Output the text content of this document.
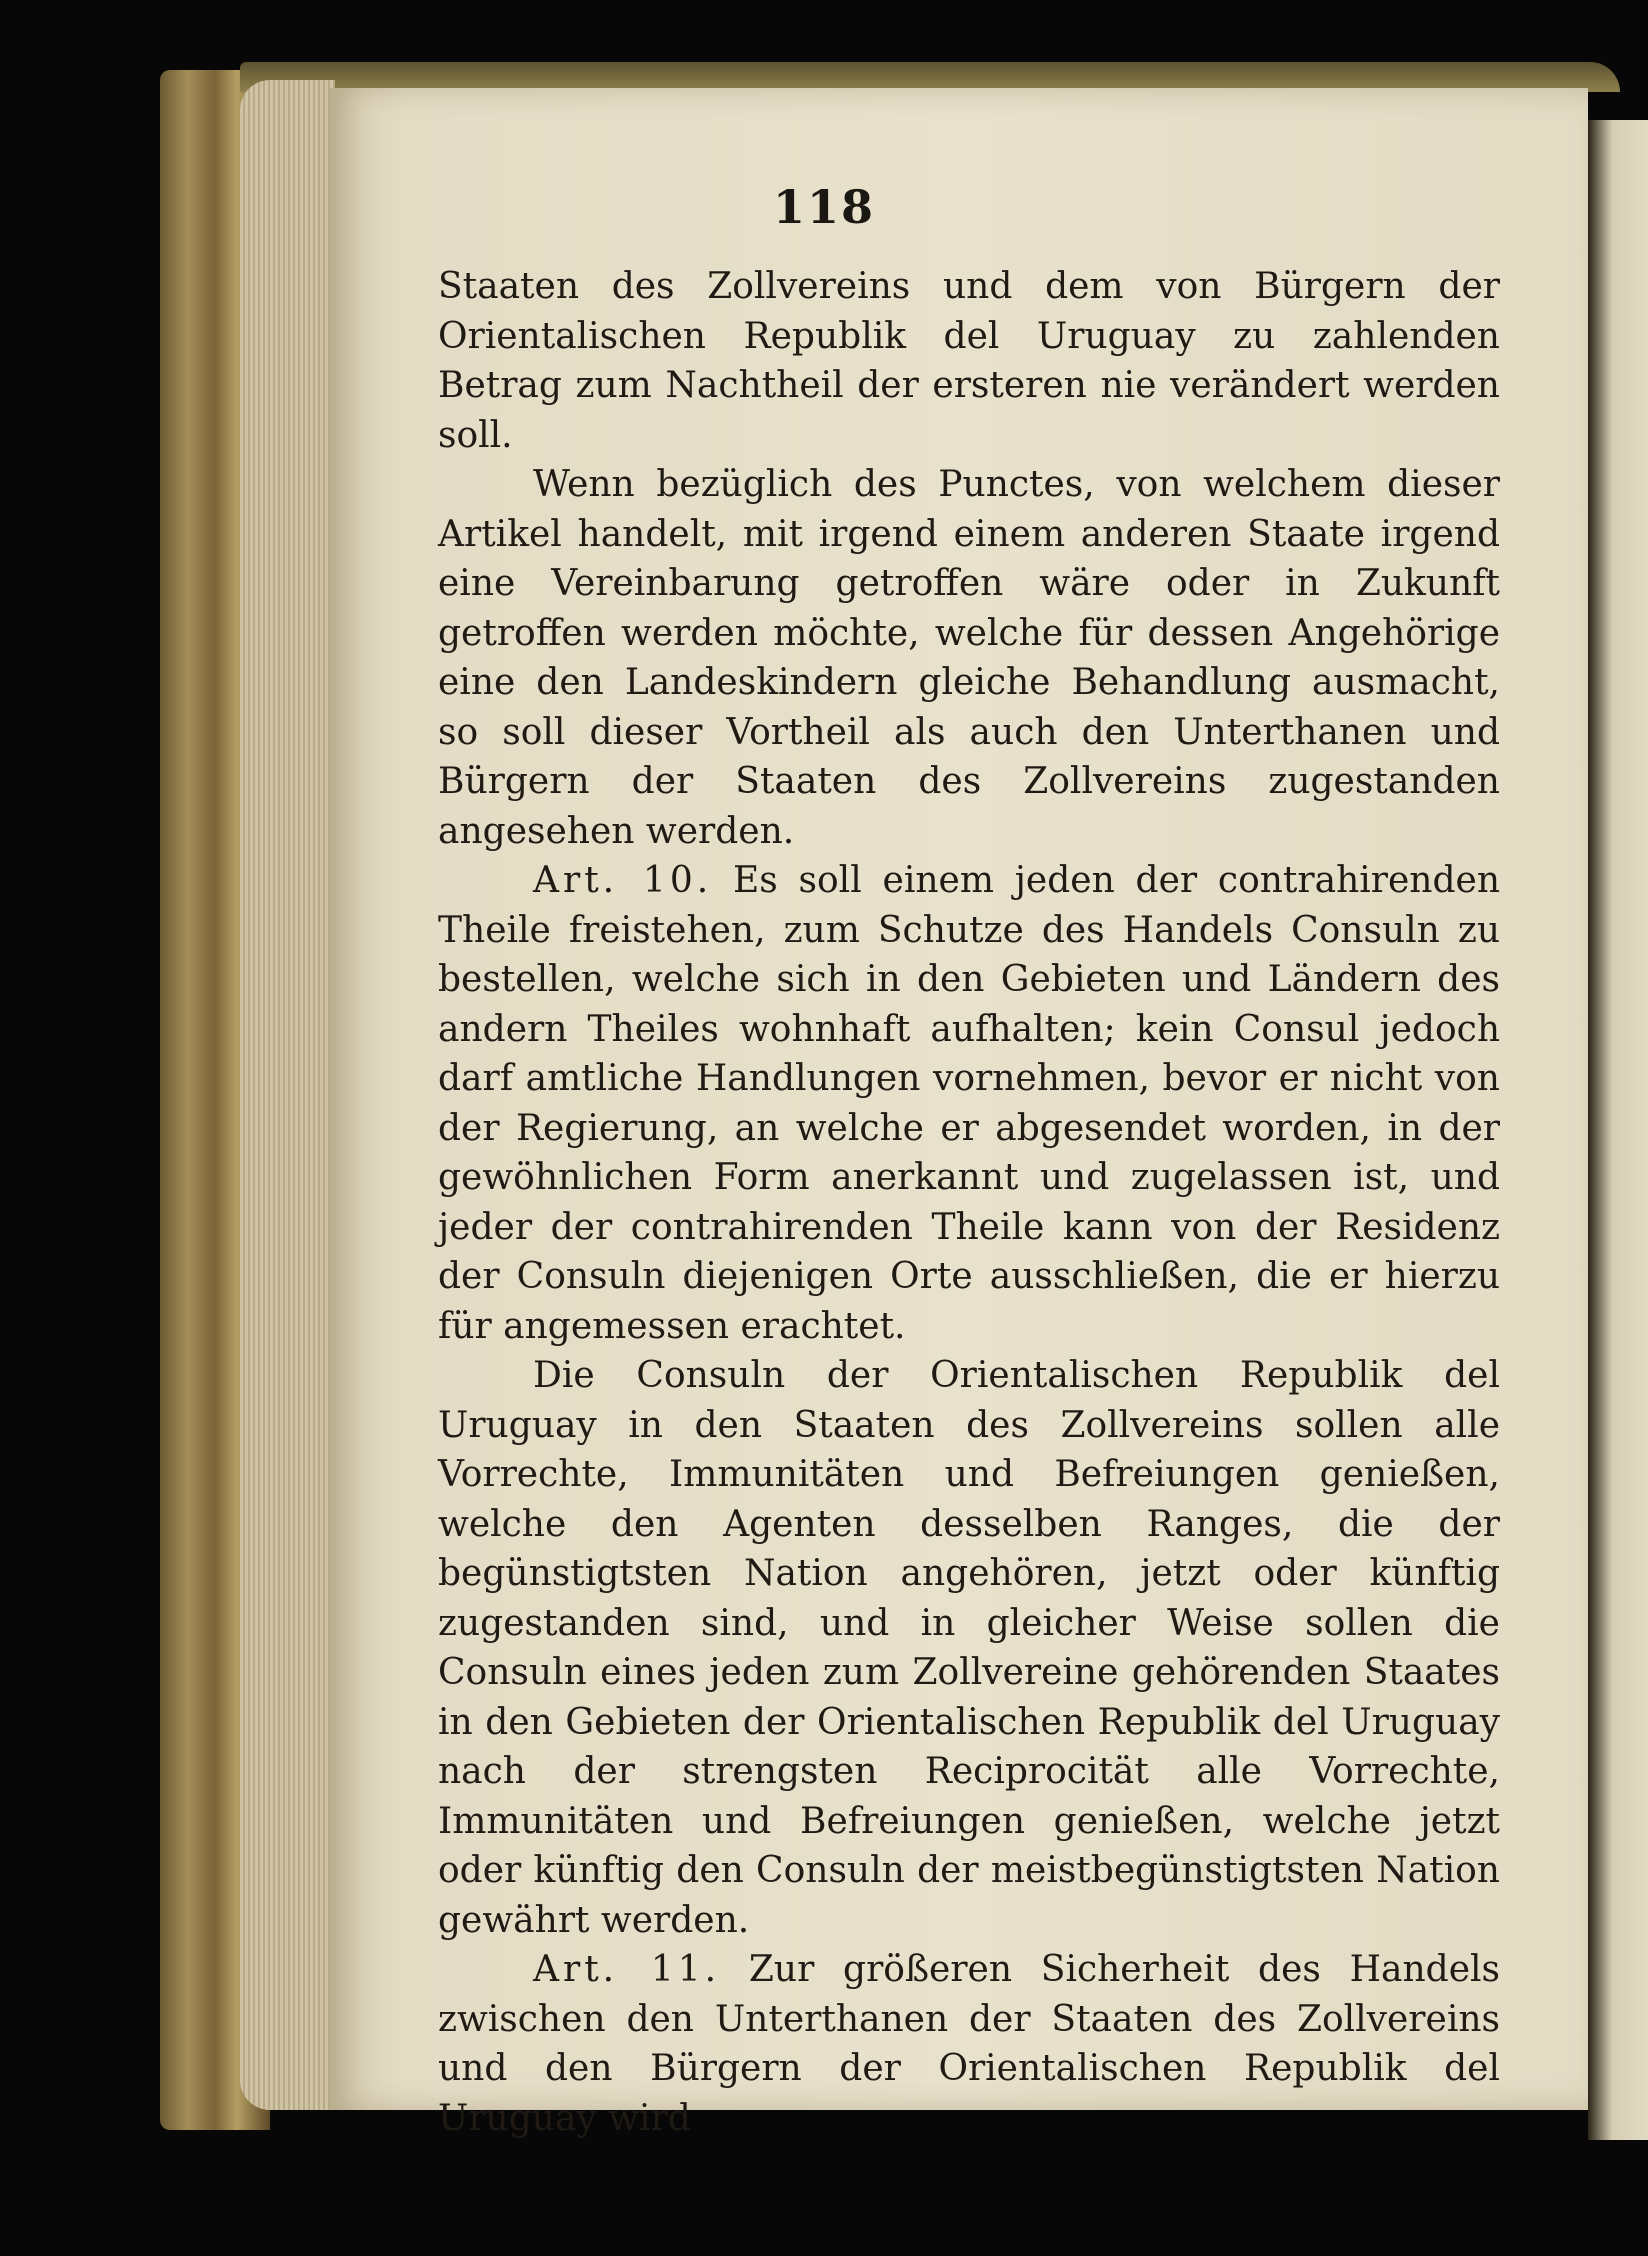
118

Staaten des Zollvereins und dem von Bürgern der Orientalischen Republik del Uruguay zu zahlenden Betrag zum Nachtheil der ersteren nie verändert werden soll.

Wenn bezüglich des Punctes, von welchem dieser Artikel handelt, mit irgend einem anderen Staate irgend eine Vereinbarung getroffen wäre oder in Zukunft getroffen werden möchte, welche für dessen Angehörige eine den Landeskindern gleiche Behandlung ausmacht, so soll dieser Vortheil als auch den Unterthanen und Bürgern der Staaten des Zollvereins zugestanden angesehen werden.

Art. 10. Es soll einem jeden der contrahirenden Theile freistehen, zum Schutze des Handels Consuln zu bestellen, welche sich in den Gebieten und Ländern des andern Theiles wohnhaft aufhalten; kein Consul jedoch darf amtliche Handlungen vornehmen, bevor er nicht von der Regierung, an welche er abgesendet worden, in der gewöhnlichen Form anerkannt und zugelassen ist, und jeder der contrahirenden Theile kann von der Residenz der Consuln diejenigen Orte ausschließen, die er hierzu für angemessen erachtet.

Die Consuln der Orientalischen Republik del Uruguay in den Staaten des Zollvereins sollen alle Vorrechte, Immunitäten und Befreiungen genießen, welche den Agenten desselben Ranges, die der begünstigtsten Nation angehören, jetzt oder künftig zugestanden sind, und in gleicher Weise sollen die Consuln eines jeden zum Zollvereine gehörenden Staates in den Gebieten der Orientalischen Republik del Uruguay nach der strengsten Reciprocität alle Vorrechte, Immunitäten und Befreiungen genießen, welche jetzt oder künftig den Consuln der meistbegünstigtsten Nation gewährt werden.

Art. 11. Zur größeren Sicherheit des Handels zwischen den Unterthanen der Staaten des Zollvereins und den Bürgern der Orientalischen Republik del Uruguay wird
